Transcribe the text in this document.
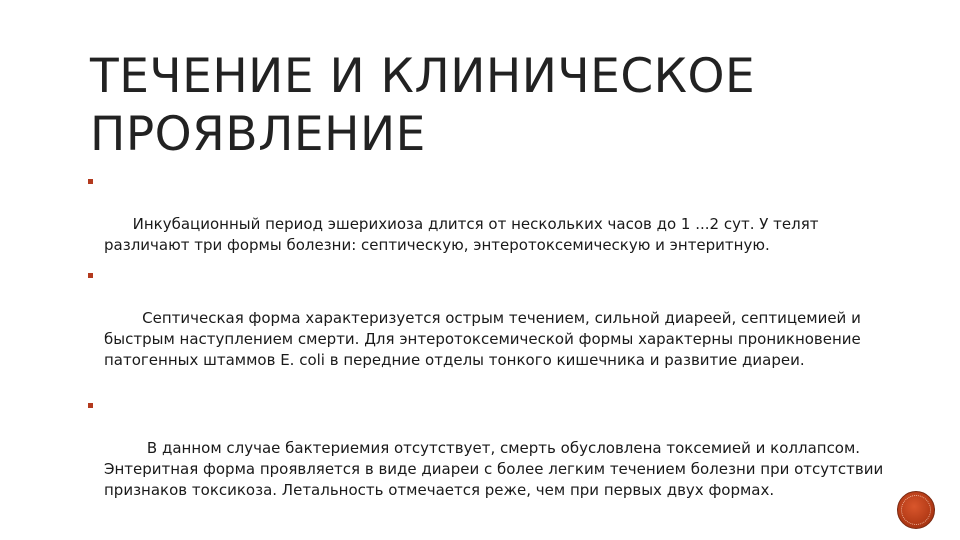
ТЕЧЕНИЕ И КЛИНИЧЕСКОЕ
ПРОЯВЛЕНИЕ

Инкубационный период эшерихиоза длится от нескольких часов до 1 ...2 сут. У телят различают три формы болезни: септическую, энтеротоксемическую и энтеритную.

Септическая форма характеризуется острым течением, сильной диареей, септицемией и быстрым наступлением смерти. Для энтеротоксемической формы характерны проникновение патогенных штаммов Е. coli в передние отделы тонкого кишечника и развитие диареи.

В данном случае бактериемия отсутствует, смерть обусловлена токсемией и коллапсом. Энтеритная форма проявляется в виде диареи с более легким течением болезни при отсутствии признаков токсикоза. Летальность отмечается реже, чем при первых двух формах.
